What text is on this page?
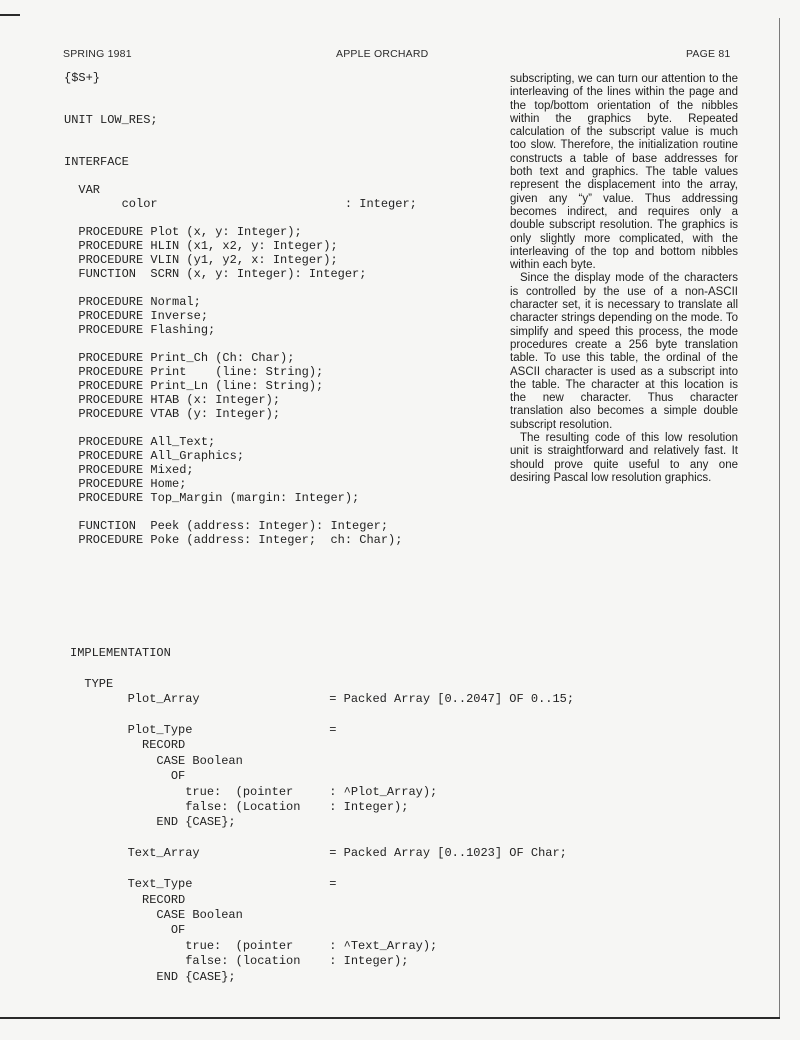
SPRING 1981	APPLE ORCHARD	PAGE 81
{$S+}

UNIT LOW_RES;

INTERFACE

VAR
color                          : Integer;

PROCEDURE Plot (x, y: Integer);
PROCEDURE HLIN (x1, x2, y: Integer);
PROCEDURE VLIN (y1, y2, x: Integer);
FUNCTION  SCRN (x, y: Integer): Integer;

PROCEDURE Normal;
PROCEDURE Inverse;
PROCEDURE Flashing;

PROCEDURE Print_Ch (Ch: Char);
PROCEDURE Print    (line: String);
PROCEDURE Print_Ln (line: String);
PROCEDURE HTAB (x: Integer);
PROCEDURE VTAB (y: Integer);

PROCEDURE All_Text;
PROCEDURE All_Graphics;
PROCEDURE Mixed;
PROCEDURE Home;
PROCEDURE Top_Margin (margin: Integer);

FUNCTION  Peek (address: Integer): Integer;
PROCEDURE Poke (address: Integer;  ch: Char);

subscripting, we can turn our attention to the interleaving of the lines within the page and the top/bottom orientation of the nibbles within the graphics byte. Repeated calculation of the subscript value is much too slow. Therefore, the initialization routine constructs a table of base addresses for both text and graphics. The table values represent the displacement into the array, given any “y” value. Thus addressing becomes indirect, and requires only a double subscript resolution. The graphics is only slightly more complicated, with the interleaving of the top and bottom nibbles within each byte.

Since the display mode of the characters is controlled by the use of a non-ASCII character set, it is necessary to translate all character strings depending on the mode. To simplify and speed this process, the mode procedures create a 256 byte translation table. To use this table, the ordinal of the ASCII character is used as a subscript into the table. The character at this location is the new character. Thus character translation also becomes a simple double subscript resolution.

The resulting code of this low resolution unit is straightforward and relatively fast. It should prove quite useful to any one desiring Pascal low resolution graphics.

IMPLEMENTATION

TYPE
Plot_Array                  = Packed Array [0..2047] OF 0..15;

Plot_Type                   =
RECORD
CASE Boolean
OF
true:  (pointer     : ^Plot_Array);
false: (Location    : Integer);
END {CASE};

Text_Array                  = Packed Array [0..1023] OF Char;

Text_Type                   =
RECORD
CASE Boolean
OF
true:  (pointer     : ^Text_Array);
false: (location    : Integer);
END {CASE};
